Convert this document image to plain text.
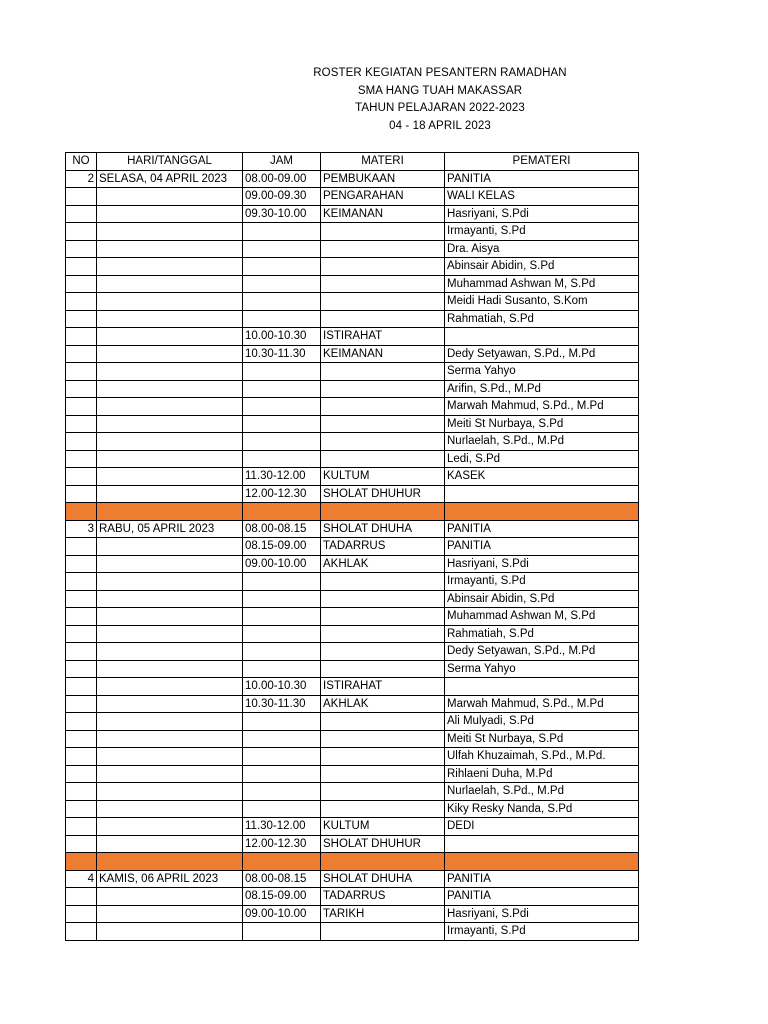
ROSTER KEGIATAN PESANTERN RAMADHAN
SMA HANG TUAH MAKASSAR
TAHUN PELAJARAN 2022-2023
04 - 18 APRIL 2023
NO	HARI/TANGGAL	JAM	MATERI	PEMATERI
2	SELASA, 04 APRIL 2023	08.00-09.00	PEMBUKAAN	PANITIA
		09.00-09.30	PENGARAHAN	WALI KELAS
		09.30-10.00	KEIMANAN	Hasriyani, S.Pdi
				Irmayanti, S.Pd
				Dra. Aisya
				Abinsair Abidin, S.Pd
				Muhammad Ashwan M, S.Pd
				Meidi Hadi Susanto, S.Kom
				Rahmatiah, S.Pd
		10.00-10.30	ISTIRAHAT	
		10.30-11.30	KEIMANAN	Dedy Setyawan, S.Pd., M.Pd
				Serma Yahyo
				Arifin, S.Pd., M.Pd
				Marwah Mahmud, S.Pd., M.Pd
				Meiti St Nurbaya, S.Pd
				Nurlaelah, S.Pd., M.Pd
				Ledi, S.Pd
		11.30-12.00	KULTUM	KASEK
		12.00-12.30	SHOLAT DHUHUR	

3	RABU, 05 APRIL 2023	08.00-08.15	SHOLAT DHUHA	PANITIA
		08.15-09.00	TADARRUS	PANITIA
		09.00-10.00	AKHLAK	Hasriyani, S.Pdi
				Irmayanti, S.Pd
				Abinsair Abidin, S.Pd
				Muhammad Ashwan M, S.Pd
				Rahmatiah, S.Pd
				Dedy Setyawan, S.Pd., M.Pd
				Serma Yahyo
		10.00-10.30	ISTIRAHAT	
		10.30-11.30	AKHLAK	Marwah Mahmud, S.Pd., M.Pd
				Ali Mulyadi, S.Pd
				Meiti St Nurbaya, S.Pd
				Ulfah Khuzaimah, S.Pd., M.Pd.
				Rihlaeni Duha, M.Pd
				Nurlaelah, S.Pd., M.Pd
				Kiky Resky Nanda, S.Pd
		11.30-12.00	KULTUM	DEDI
		12.00-12.30	SHOLAT DHUHUR	

4	KAMIS, 06 APRIL 2023	08.00-08.15	SHOLAT DHUHA	PANITIA
		08.15-09.00	TADARRUS	PANITIA
		09.00-10.00	TARIKH	Hasriyani, S.Pdi
				Irmayanti, S.Pd
